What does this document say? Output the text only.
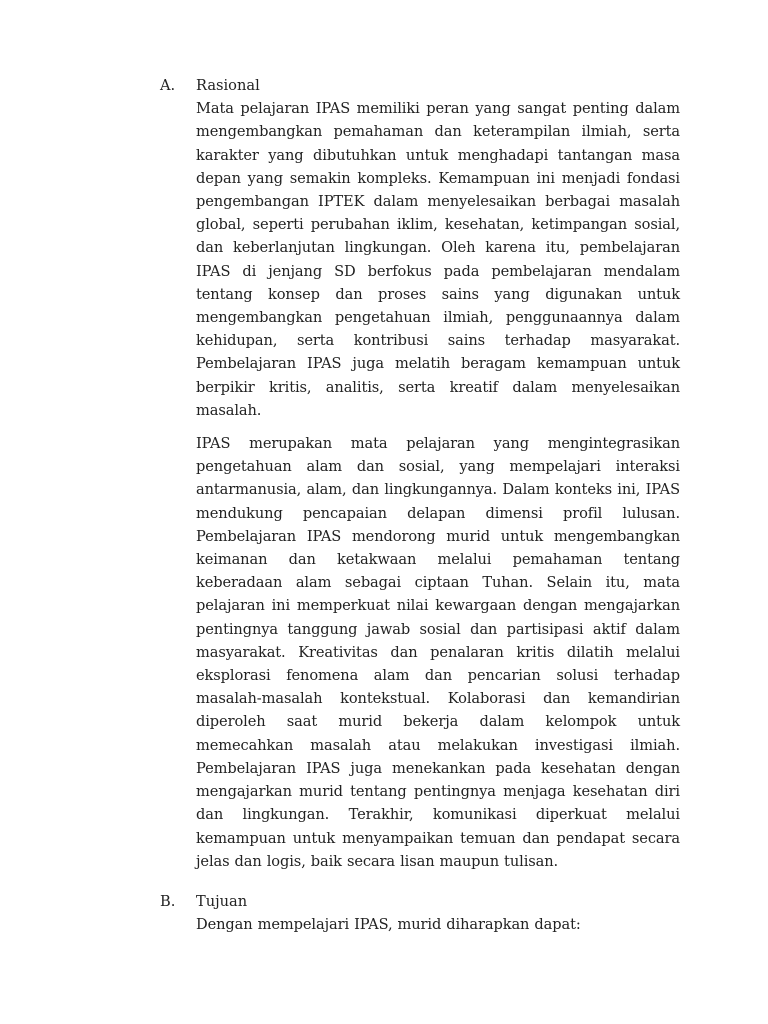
A.	Rasional

Mata pelajaran IPAS memiliki peran yang sangat penting dalam mengembangkan pemahaman dan keterampilan ilmiah, serta karakter yang dibutuhkan untuk menghadapi tantangan masa depan yang semakin kompleks. Kemampuan ini menjadi fondasi pengembangan IPTEK dalam menyelesaikan berbagai masalah global, seperti perubahan iklim, kesehatan, ketimpangan sosial, dan keberlanjutan lingkungan. Oleh karena itu, pembelajaran IPAS di jenjang SD berfokus pada pembelajaran mendalam tentang konsep dan proses sains yang digunakan untuk mengembangkan pengetahuan ilmiah, penggunaannya dalam kehidupan, serta kontribusi sains terhadap masyarakat. Pembelajaran IPAS juga melatih beragam kemampuan untuk berpikir kritis, analitis, serta kreatif dalam menyelesaikan masalah.

IPAS merupakan mata pelajaran yang mengintegrasikan pengetahuan alam dan sosial, yang mempelajari interaksi antarmanusia, alam, dan lingkungannya. Dalam konteks ini, IPAS mendukung pencapaian delapan dimensi profil lulusan. Pembelajaran IPAS mendorong murid untuk mengembangkan keimanan dan ketakwaan melalui pemahaman tentang keberadaan alam sebagai ciptaan Tuhan. Selain itu, mata pelajaran ini memperkuat nilai kewargaan dengan mengajarkan pentingnya tanggung jawab sosial dan partisipasi aktif dalam masyarakat. Kreativitas dan penalaran kritis dilatih melalui eksplorasi fenomena alam dan pencarian solusi terhadap masalah-masalah kontekstual. Kolaborasi dan kemandirian diperoleh saat murid bekerja dalam kelompok untuk memecahkan masalah atau melakukan investigasi ilmiah. Pembelajaran IPAS juga menekankan pada kesehatan dengan mengajarkan murid tentang pentingnya menjaga kesehatan diri dan lingkungan. Terakhir, komunikasi diperkuat melalui kemampuan untuk menyampaikan temuan dan pendapat secara jelas dan logis, baik secara lisan maupun tulisan.

B.	Tujuan

Dengan mempelajari IPAS, murid diharapkan dapat:
